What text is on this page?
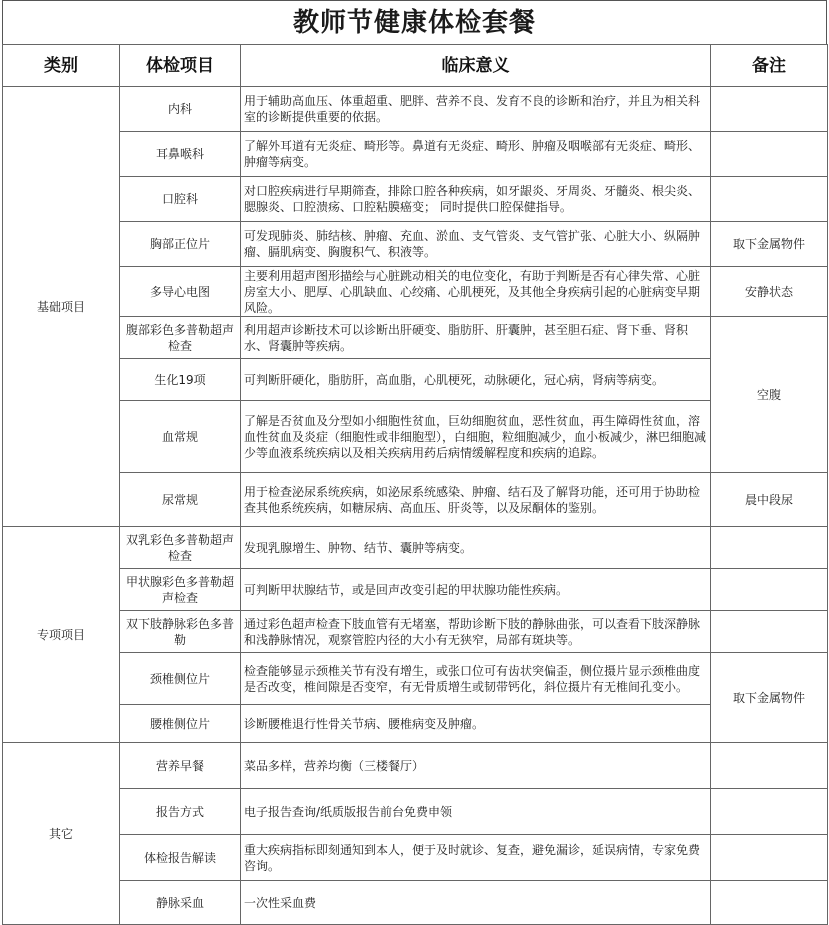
教师节健康体检套餐
类别	体检项目	临床意义	备注
基础项目	内科	用于辅助高血压、体重超重、肥胖、营养不良、发育不良的诊断和治疗，并且为相关科室的诊断提供重要的依据。	
	耳鼻喉科	了解外耳道有无炎症、畸形等。鼻道有无炎症、畸形、肿瘤及咽喉部有无炎症、畸形、肿瘤等病变。	
	口腔科	对口腔疾病进行早期筛查，排除口腔各种疾病，如牙龈炎、牙周炎、牙髓炎、根尖炎、腮腺炎、口腔溃疡、口腔粘膜癌变； 同时提供口腔保健指导。	
	胸部正位片	可发现肺炎、肺结核、肿瘤、充血、淤血、支气管炎、支气管扩张、心脏大小、纵隔肿瘤、膈肌病变、胸腹积气、积液等。	取下金属物件
	多导心电图	主要利用超声图形描绘与心脏跳动相关的电位变化，有助于判断是否有心律失常、心脏房室大小、肥厚、心肌缺血、心绞痛、心肌梗死，及其他全身疾病引起的心脏病变早期风险。	安静状态
	腹部彩色多普勒超声检查	利用超声诊断技术可以诊断出肝硬变、脂肪肝、肝囊肿，甚至胆石症、肾下垂、肾积水、肾囊肿等疾病。	空腹
	生化19项	可判断肝硬化，脂肪肝，高血脂，心肌梗死，动脉硬化，冠心病，肾病等病变。	
	血常规	了解是否贫血及分型如小细胞性贫血，巨幼细胞贫血，恶性贫血，再生障碍性贫血，溶血性贫血及炎症（细胞性或非细胞型），白细胞，粒细胞减少，血小板减少，淋巴细胞减少等血液系统疾病以及相关疾病用药后病情缓解程度和疾病的追踪。	
	尿常规	用于检查泌尿系统疾病，如泌尿系统感染、肿瘤、结石及了解肾功能，还可用于协助检查其他系统疾病，如糖尿病、高血压、肝炎等，以及尿酮体的鉴别。	晨中段尿
专项项目	双乳彩色多普勒超声检查	发现乳腺增生、肿物、结节、囊肿等病变。	
	甲状腺彩色多普勒超声检查	可判断甲状腺结节，或是回声改变引起的甲状腺功能性疾病。	
	双下肢静脉彩色多普勒	通过彩色超声检查下肢血管有无堵塞，帮助诊断下肢的静脉曲张，可以查看下肢深静脉和浅静脉情况，观察管腔内径的大小有无狭窄，局部有斑块等。	
	颈椎侧位片	检查能够显示颈椎关节有没有增生，或张口位可有齿状突偏歪，侧位摄片显示颈椎曲度是否改变，椎间隙是否变窄，有无骨质增生或韧带钙化，斜位摄片有无椎间孔变小。	取下金属物件
	腰椎侧位片	诊断腰椎退行性骨关节病、腰椎病变及肿瘤。	
其它	营养早餐	菜品多样，营养均衡（三楼餐厅）	
	报告方式	电子报告查询/纸质版报告前台免费申领	
	体检报告解读	重大疾病指标即刻通知到本人，便于及时就诊、复查，避免漏诊，延误病情，专家免费咨询。	
	静脉采血	一次性采血费	
